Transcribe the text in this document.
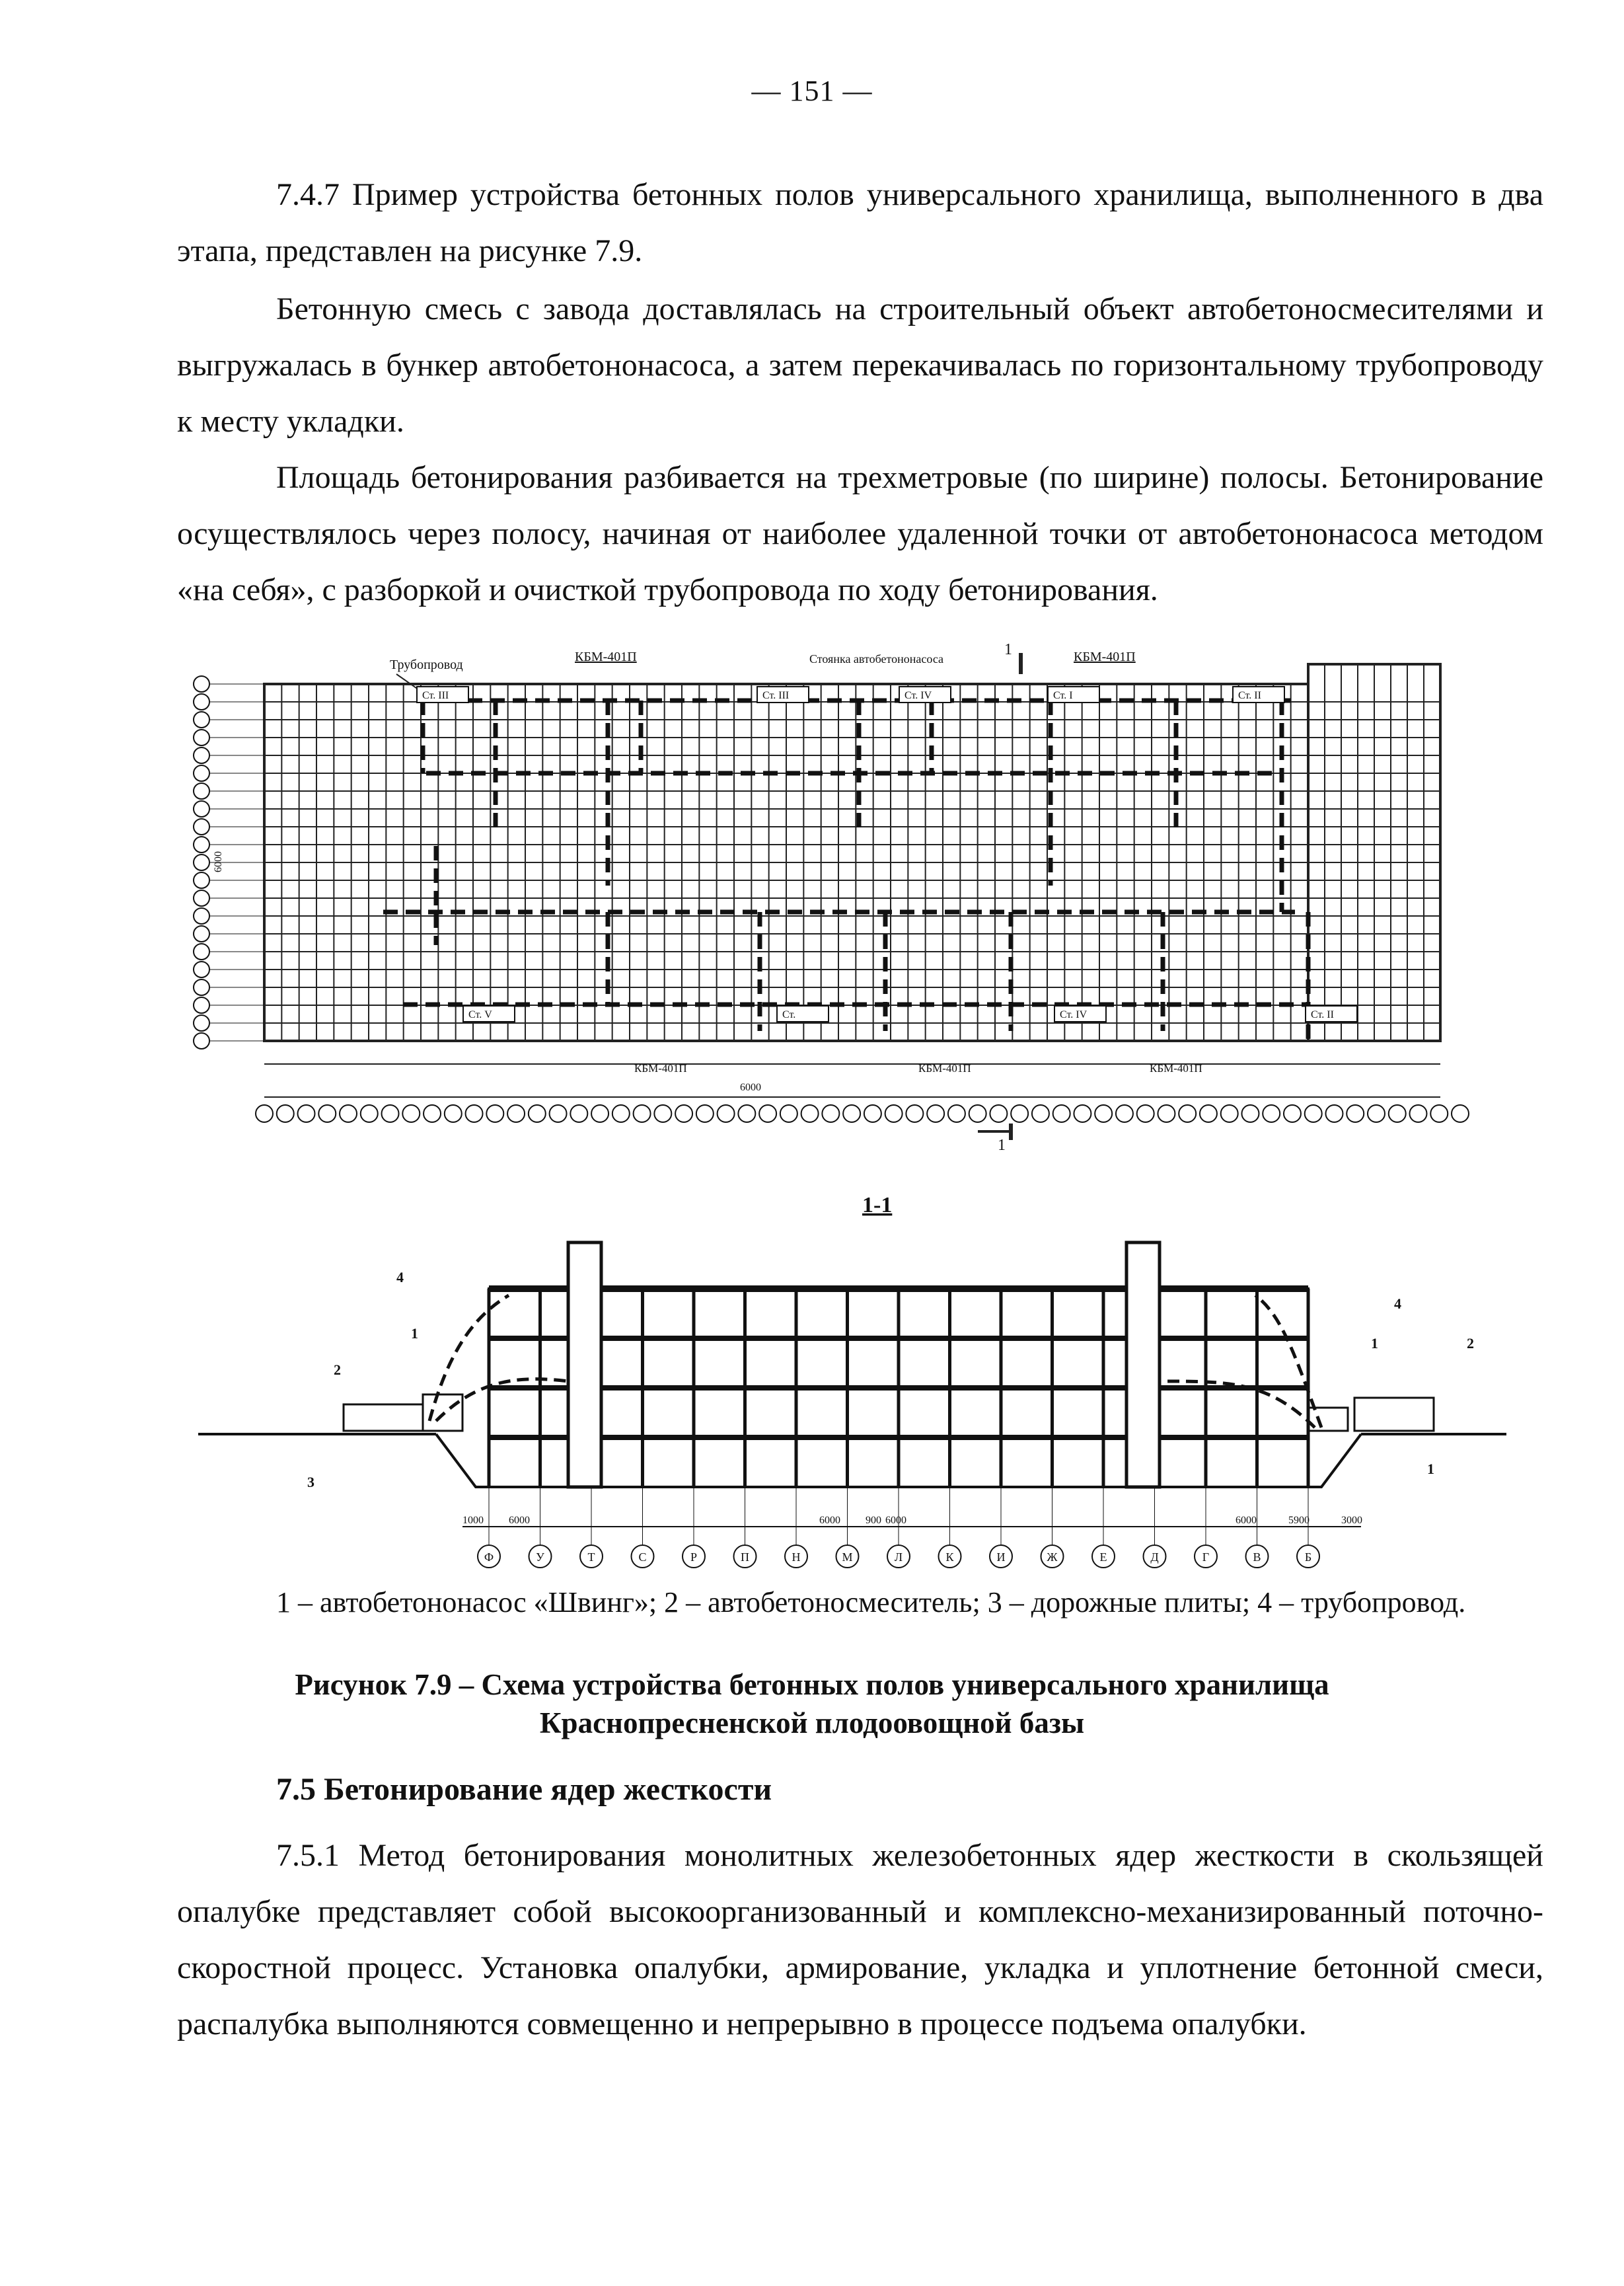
— 151 —

7.4.7 Пример устройства бетонных полов универсального хранилища, выполненного в два этапа, представлен на рисунке 7.9.

Бетонную смесь с завода доставлялась на строительный объект автобетоносмесителями и выгружалась в бункер автобетононасоса, а затем перекачивалась по горизонтальному трубопроводу к месту укладки.

Площадь бетонирования разбивается на трехметровые (по ширине) полосы. Бетонирование осуществлялось через полосу, начиная от наиболее удаленной точки от автобетононасоса методом «на себя», с разборкой и очисткой трубопровода по ходу бетонирования.

Трубопровод
КБМ-401П	Стоянка автобетононасоса
1	КБМ-401П
КБМ-401П	КБМ-401П	КБМ-401П
6000
6000
Ст. III	Ст. III	Ст. IV	Ст. I	Ст. II
Ст. V	Ст.	Ст. IV	Ст. II
1
1-1
4
1
2
3
4
1	2
1
1000 6000	6000 900 6000	6000	5900	3000
Ф	У	Т	С	Р	П	Н	М	Л	К	И	Ж	Е	Д	Г	В	Б

1 – автобетононасос «Швинг»; 2 – автобетоносмеситель; 3 – дорожные плиты; 4 – трубопровод.

Рисунок 7.9 – Схема устройства бетонных полов универсального хранилища Краснопресненской плодоовощной базы

7.5 Бетонирование ядер жесткости

7.5.1 Метод бетонирования монолитных железобетонных ядер жесткости в скользящей опалубке представляет собой высокоорганизованный и комплексно-механизированный поточно-скоростной процесс. Установка опалубки, армирование, укладка и уплотнение бетонной смеси, распалубка выполняются совмещенно и непрерывно в процессе подъема опалубки.
